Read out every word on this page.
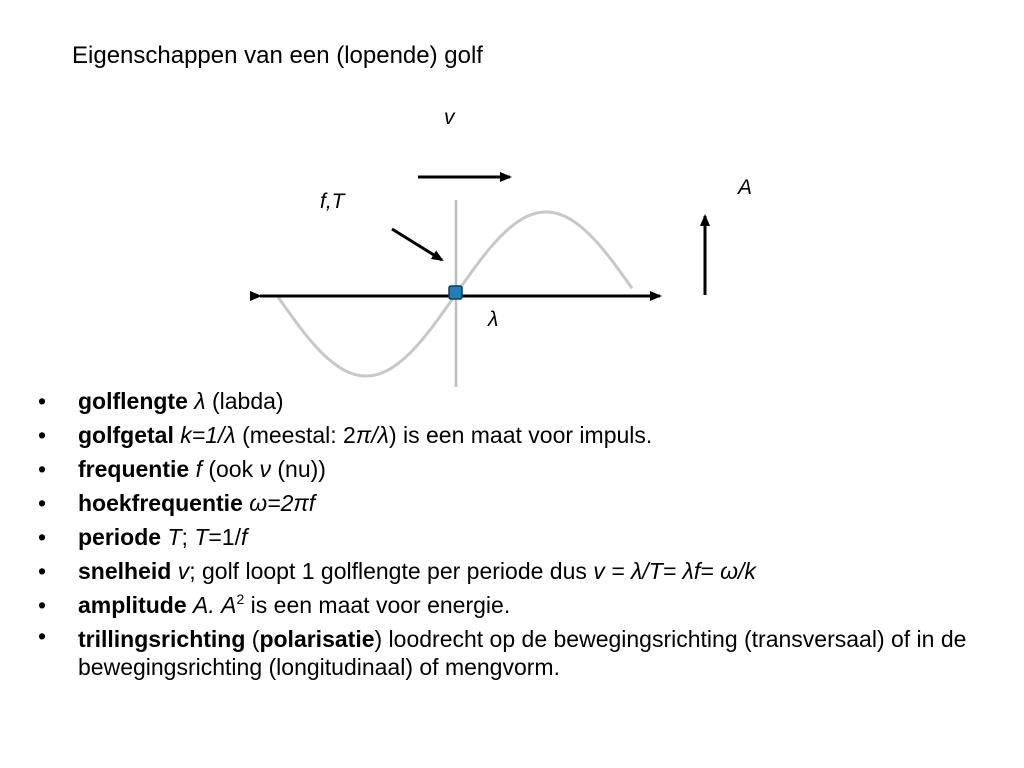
Eigenschappen van een (lopende) golf
v
A
f,T
λ
• golflengte λ (labda)
• golfgetal k=1/λ (meestal: 2π/λ) is een maat voor impuls.
• frequentie f (ook ν (nu))
• hoekfrequentie ω=2πf
• periode T; T=1/f
• snelheid v; golf loopt 1 golflengte per periode dus v = λ/T= λf= ω/k
• amplitude A. $A^2$ is een maat voor energie.
• trillingsrichting (polarisatie) loodrecht op de bewegingsrichting (transversaal) of in de bewegingsrichting (longitudinaal) of mengvorm.
